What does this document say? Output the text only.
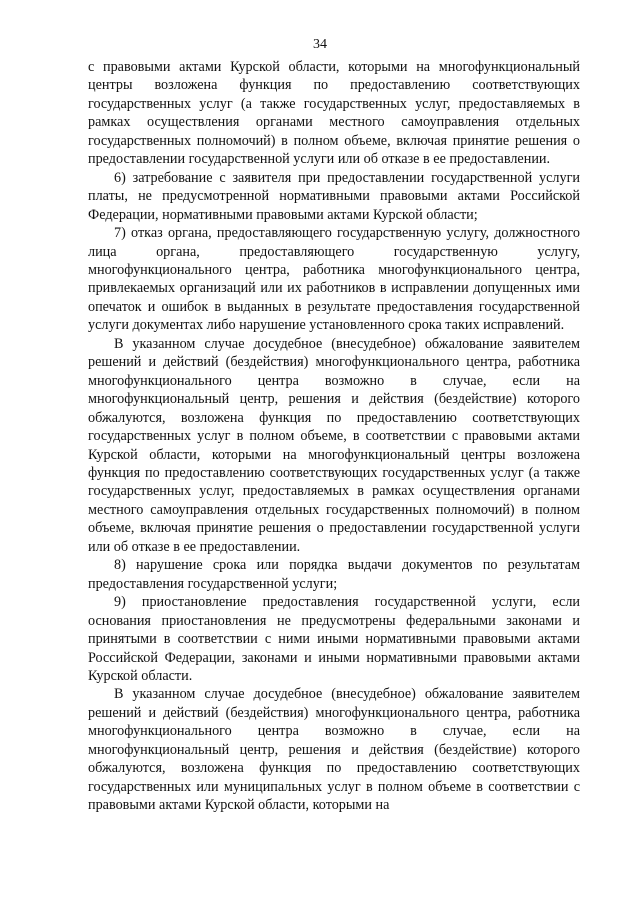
34

с правовыми актами Курской области, которыми на многофункциональный центры возложена функция по предоставлению соответствующих государственных услуг (а также государственных услуг, предоставляемых в рамках осуществления органами местного самоуправления отдельных государственных полномочий) в полном объеме, включая принятие решения о предоставлении государственной услуги или об отказе в ее предоставлении.

6) затребование с заявителя при предоставлении государственной услуги платы, не предусмотренной нормативными правовыми актами Российской Федерации, нормативными правовыми актами Курской области;

7) отказ органа, предоставляющего государственную услугу, должностного лица органа, предоставляющего государственную услугу, многофункционального центра, работника многофункционального центра, привлекаемых организаций или их работников в исправлении допущенных ими опечаток и ошибок в выданных в результате предоставления государственной услуги документах либо нарушение установленного срока таких исправлений.

В указанном случае досудебное (внесудебное) обжалование заявителем решений и действий (бездействия) многофункционального центра, работника многофункционального центра возможно в случае, если на многофункциональный центр, решения и действия (бездействие) которого обжалуются, возложена функция по предоставлению соответствующих государственных услуг в полном объеме, в соответствии с правовыми актами Курской области, которыми на многофункциональный центры возложена функция по предоставлению соответствующих государственных услуг (а также государственных услуг, предоставляемых в рамках осуществления органами местного самоуправления отдельных государственных полномочий) в полном объеме, включая принятие решения о предоставлении государственной услуги или об отказе в ее предоставлении.

8) нарушение срока или порядка выдачи документов по результатам предоставления государственной услуги;

9) приостановление предоставления государственной услуги, если основания приостановления не предусмотрены федеральными законами и принятыми в соответствии с ними иными нормативными правовыми актами Российской Федерации, законами и иными нормативными правовыми актами Курской области.

В указанном случае досудебное (внесудебное) обжалование заявителем решений и действий (бездействия) многофункционального центра, работника многофункционального центра возможно в случае, если на многофункциональный центр, решения и действия (бездействие) которого обжалуются, возложена функция по предоставлению соответствующих государственных или муниципальных услуг в полном объеме в соответствии с правовыми актами Курской области, которыми на
